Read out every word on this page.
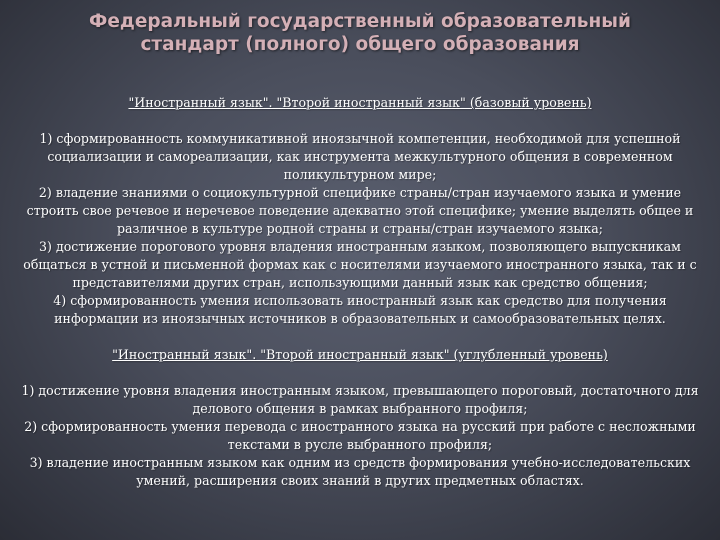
Федеральный государственный образовательный
стандарт (полного) общего образования

"Иностранный язык". "Второй иностранный язык" (базовый уровень)

1) сформированность коммуникативной иноязычной компетенции, необходимой для успешной социализации и самореализации, как инструмента межкультурного общения в современном поликультурном мире;

2) владение знаниями о социокультурной специфике страны/стран изучаемого языка и умение строить свое речевое и неречевое поведение адекватно этой специфике; умение выделять общее и различное в культуре родной страны и страны/стран изучаемого языка;

3) достижение порогового уровня владения иностранным языком, позволяющего выпускникам общаться в устной и письменной формах как с носителями изучаемого иностранного языка, так и с представителями других стран, использующими данный язык как средство общения;

4) сформированность умения использовать иностранный язык как средство для получения информации из иноязычных источников в образовательных и самообразовательных целях.

"Иностранный язык". "Второй иностранный язык" (углубленный уровень)

1) достижение уровня владения иностранным языком, превышающего пороговый, достаточного для делового общения в рамках выбранного профиля;

2) сформированность умения перевода с иностранного языка на русский при работе с несложными текстами в русле выбранного профиля;

3) владение иностранным языком как одним из средств формирования учебно-исследовательских умений, расширения своих знаний в других предметных областях.
